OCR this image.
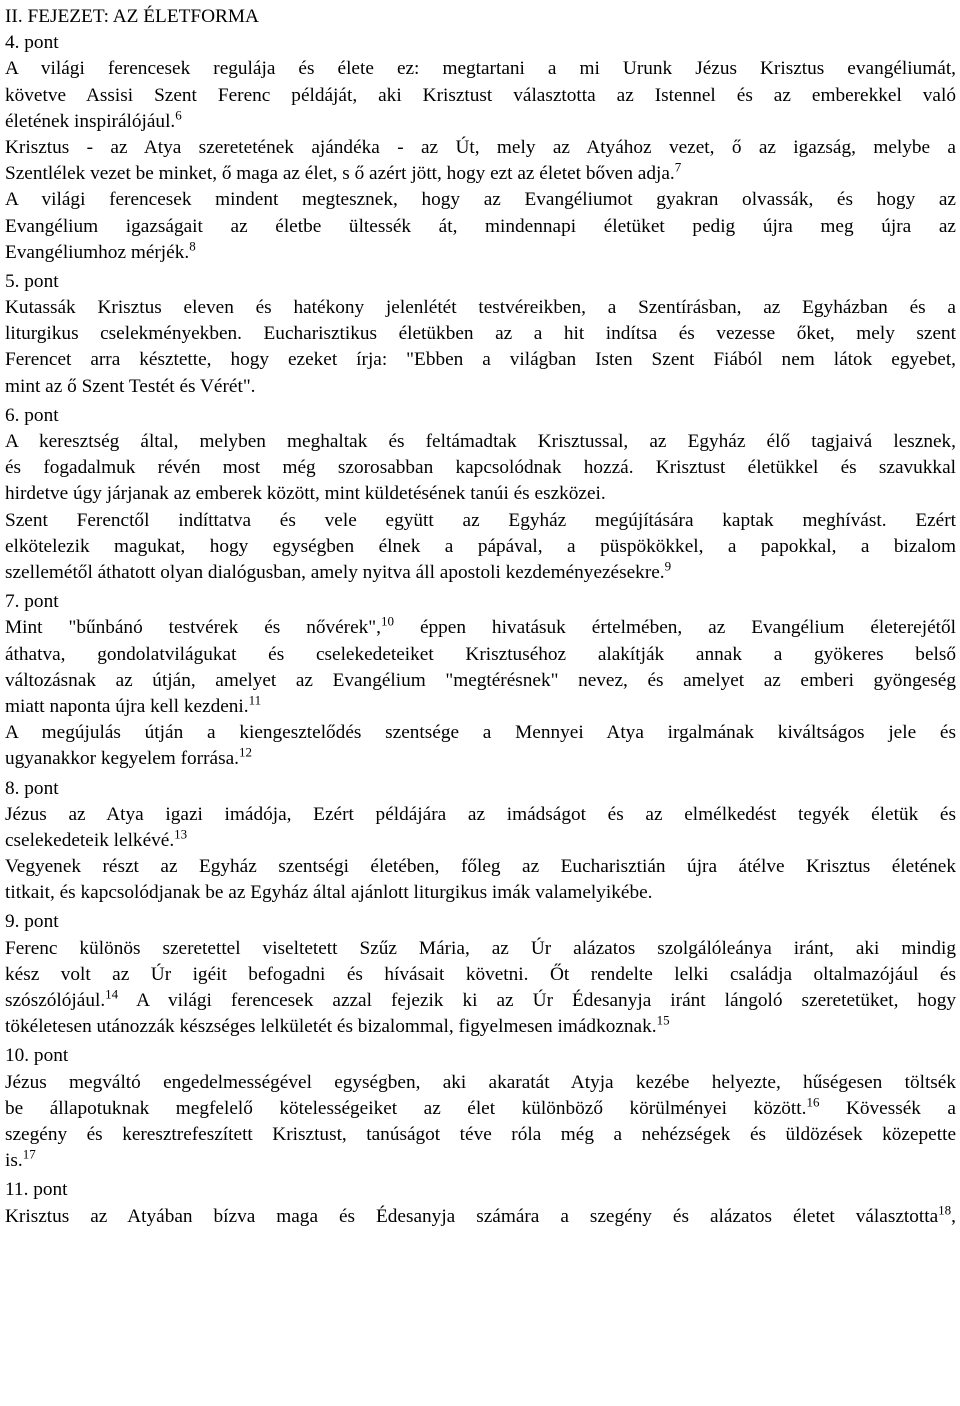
II. FEJEZET: AZ ÉLETFORMA
4. pont
A világi ferencesek regulája és élete ez: megtartani a mi Urunk Jézus Krisztus evangéliumát,
követve Assisi Szent Ferenc példáját, aki Krisztust választotta az Istennel és az emberekkel való
életének inspirálójául.$^6$
Krisztus - az Atya szeretetének ajándéka - az Út, mely az Atyához vezet, ő az igazság, melybe a
Szentlélek vezet be minket, ő maga az élet, s ő azért jött, hogy ezt az életet bőven adja.$^7$
A világi ferencesek mindent megtesznek, hogy az Evangéliumot gyakran olvassák, és hogy az
Evangélium igazságait az életbe ültessék át, mindennapi életüket pedig újra meg újra az
Evangéliumhoz mérjék.$^8$
5. pont
Kutassák Krisztus eleven és hatékony jelenlétét testvéreikben, a Szentírásban, az Egyházban és a
liturgikus cselekményekben. Eucharisztikus életükben az a hit indítsa és vezesse őket, mely szent
Ferencet arra késztette, hogy ezeket írja: "Ebben a világban Isten Szent Fiából nem látok egyebet,
mint az ő Szent Testét és Vérét".
6. pont
A keresztség által, melyben meghaltak és feltámadtak Krisztussal, az Egyház élő tagjaivá lesznek,
és fogadalmuk révén most még szorosabban kapcsolódnak hozzá. Krisztust életükkel és szavukkal
hirdetve úgy járjanak az emberek között, mint küldetésének tanúi és eszközei.
Szent Ferenctől indíttatva és vele együtt az Egyház megújítására kaptak meghívást. Ezért
elkötelezik magukat, hogy egységben élnek a pápával, a püspökökkel, a papokkal, a bizalom
szellemétől áthatott olyan dialógusban, amely nyitva áll apostoli kezdeményezésekre.$^9$
7. pont
Mint "bűnbánó testvérek és nővérek",$^{10}$ éppen hivatásuk értelmében, az Evangélium életerejétől
áthatva, gondolatvilágukat és cselekedeteiket Krisztuséhoz alakítják annak a gyökeres belső
változásnak az útján, amelyet az Evangélium "megtérésnek" nevez, és amelyet az emberi gyöngeség
miatt naponta újra kell kezdeni.$^{11}$
A megújulás útján a kiengesztelődés szentsége a Mennyei Atya irgalmának kiváltságos jele és
ugyanakkor kegyelem forrása.$^{12}$
8. pont
Jézus az Atya igazi imádója, Ezért példájára az imádságot és az elmélkedést tegyék életük és
cselekedeteik lelkévé.$^{13}$
Vegyenek részt az Egyház szentségi életében, főleg az Eucharisztián újra átélve Krisztus életének
titkait, és kapcsolódjanak be az Egyház által ajánlott liturgikus imák valamelyikébe.
9. pont
Ferenc különös szeretettel viseltetett Szűz Mária, az Úr alázatos szolgálóleánya iránt, aki mindig
kész volt az Úr igéit befogadni és hívásait követni. Őt rendelte lelki családja oltalmazójául és
szószólójául.$^{14}$ A világi ferencesek azzal fejezik ki az Úr Édesanyja iránt lángoló szeretetüket, hogy
tökéletesen utánozzák készséges lelkületét és bizalommal, figyelmesen imádkoznak.$^{15}$
10. pont
Jézus megváltó engedelmességével egységben, aki akaratát Atyja kezébe helyezte, hűségesen töltsék
be állapotuknak megfelelő kötelességeiket az élet különböző körülményei között.$^{16}$ Kövessék a
szegény és keresztrefeszített Krisztust, tanúságot téve róla még a nehézségek és üldözések közepette
is.$^{17}$
11. pont
Krisztus az Atyában bízva maga és Édesanyja számára a szegény és alázatos életet választotta$^{18}$,
